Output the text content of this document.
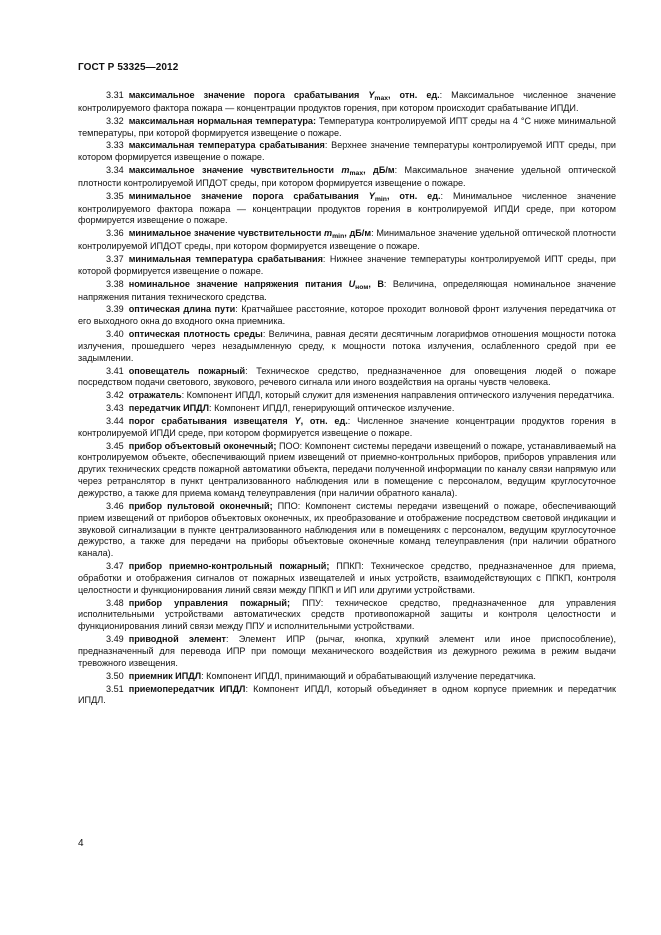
ГОСТ Р 53325—2012

3.31 максимальное значение порога срабатывания $Y_{max}$, отн. ед.: Максимальное численное значение контролируемого фактора пожара — концентрации продуктов горения, при котором происходит срабатывание ИПДИ.

3.32 максимальная нормальная температура: Температура контролируемой ИПТ среды на 4 °С ниже минимальной температуры, при которой формируется извещение о пожаре.

3.33 максимальная температура срабатывания: Верхнее значение температуры контролируемой ИПТ среды, при котором формируется извещение о пожаре.

3.34 максимальное значение чувствительности $m_{max}$, дБ/м: Максимальное значение удельной оптической плотности контролируемой ИПДОТ среды, при котором формируется извещение о пожаре.

3.35 минимальное значение порога срабатывания $Y_{min}$, отн. ед.: Минимальное численное значение контролируемого фактора пожара — концентрации продуктов горения в контролируемой ИПДИ среде, при котором формируется извещение о пожаре.

3.36 минимальное значение чувствительности $m_{min}$, дБ/м: Минимальное значение удельной оптической плотности контролируемой ИПДОТ среды, при котором формируется извещение о пожаре.

3.37 минимальная температура срабатывания: Нижнее значение температуры контролируемой ИПТ среды, при которой формируется извещение о пожаре.

3.38 номинальное значение напряжения питания $U_{ном}$, В: Величина, определяющая номинальное значение напряжения питания технического средства.

3.39 оптическая длина пути: Кратчайшее расстояние, которое проходит волновой фронт излучения передатчика от его выходного окна до входного окна приемника.

3.40 оптическая плотность среды: Величина, равная десяти десятичным логарифмов отношения мощности потока излучения, прошедшего через незадымленную среду, к мощности потока излучения, ослабленного средой при ее задымлении.

3.41 оповещатель пожарный: Техническое средство, предназначенное для оповещения людей о пожаре посредством подачи светового, звукового, речевого сигнала или иного воздействия на органы чувств человека.

3.42 отражатель: Компонент ИПДЛ, который служит для изменения направления оптического излучения передатчика.

3.43 передатчик ИПДЛ: Компонент ИПДЛ, генерирующий оптическое излучение.

3.44 порог срабатывания извещателя Y, отн. ед.: Численное значение концентрации продуктов горения в контролируемой ИПДИ среде, при котором формируется извещение о пожаре.

3.45 прибор объектовый оконечный; ПОО: Компонент системы передачи извещений о пожаре, устанавливаемый на контролируемом объекте, обеспечивающий прием извещений от приемно-контрольных приборов, приборов управления или других технических средств пожарной автоматики объекта, передачи полученной информации по каналу связи напрямую или через ретранслятор в пункт централизованного наблюдения или в помещение с персоналом, ведущим круглосуточное дежурство, а также для приема команд телеуправления (при наличии обратного канала).

3.46 прибор пультовой оконечный; ППО: Компонент системы передачи извещений о пожаре, обеспечивающий прием извещений от приборов объектовых оконечных, их преобразование и отображение посредством световой индикации и звуковой сигнализации в пункте централизованного наблюдения или в помещениях с персоналом, ведущим круглосуточное дежурство, а также для передачи на приборы объектовые оконечные команд телеуправления (при наличии обратного канала).

3.47 прибор приемно-контрольный пожарный; ППКП: Техническое средство, предназначенное для приема, обработки и отображения сигналов от пожарных извещателей и иных устройств, взаимодействующих с ППКП, контроля целостности и функционирования линий связи между ППКП и ИП или другими устройствами.

3.48 прибор управления пожарный; ППУ: техническое средство, предназначенное для управления исполнительными устройствами автоматических средств противопожарной защиты и контроля целостности и функционирования линий связи между ППУ и исполнительными устройствами.

3.49 приводной элемент: Элемент ИПР (рычаг, кнопка, хрупкий элемент или иное приспособление), предназначенный для перевода ИПР при помощи механического воздействия из дежурного режима в режим выдачи тревожного извещения.

3.50 приемник ИПДЛ: Компонент ИПДЛ, принимающий и обрабатывающий излучение передатчика.

3.51 приемопередатчик ИПДЛ: Компонент ИПДЛ, который объединяет в одном корпусе приемник и передатчик ИПДЛ.

4
